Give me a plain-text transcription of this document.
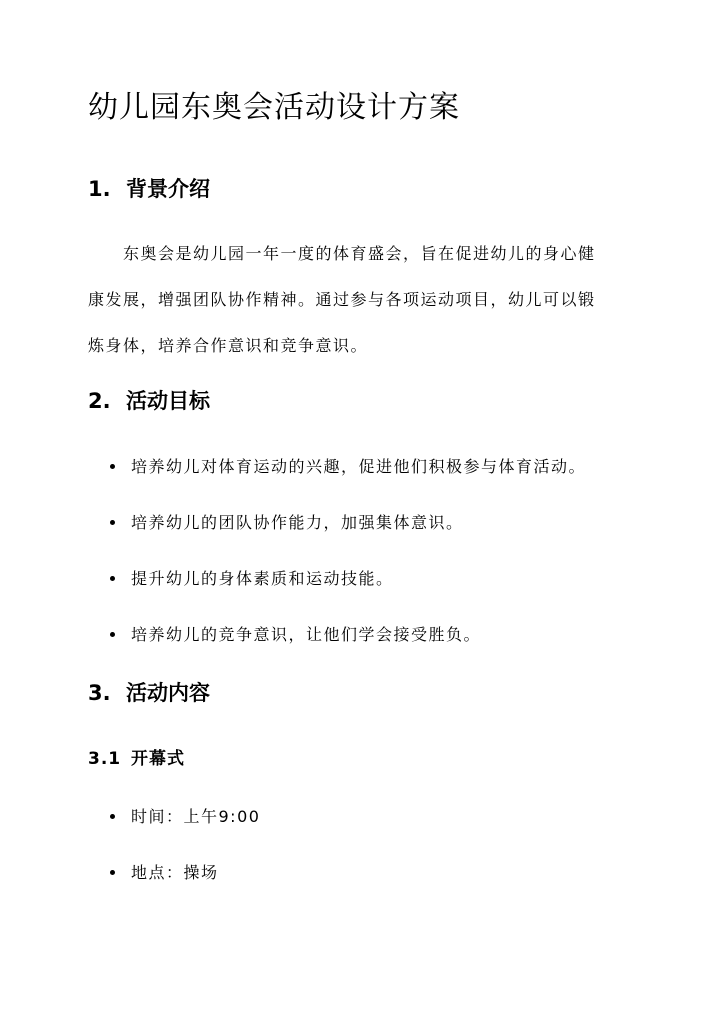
幼儿园东奥会活动设计方案
1. 背景介绍

东奥会是幼儿园一年一度的体育盛会，旨在促进幼儿的身心健
康发展，增强团队协作精神。通过参与各项运动项目，幼儿可以锻
炼身体，培养合作意识和竞争意识。

2. 活动目标
培养幼儿对体育运动的兴趣，促进他们积极参与体育活动。
培养幼儿的团队协作能力，加强集体意识。
提升幼儿的身体素质和运动技能。
培养幼儿的竞争意识，让他们学会接受胜负。
3. 活动内容
3.1 开幕式
时间：上午9:00
地点：操场
